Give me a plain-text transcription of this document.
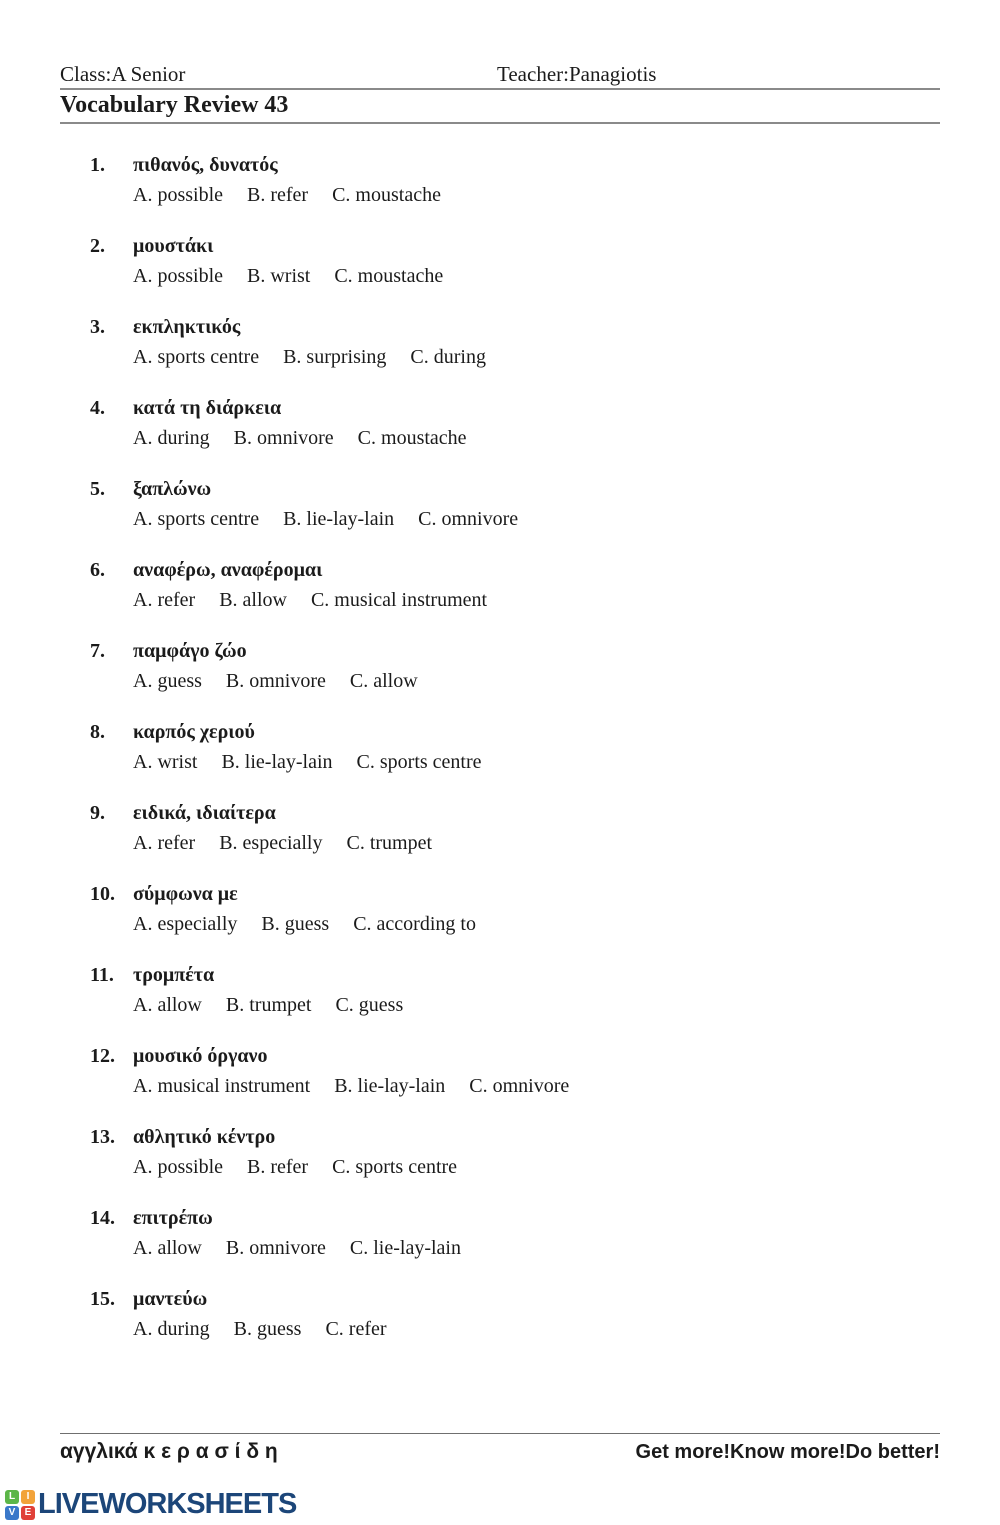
Class:A Senior	Teacher:Panagiotis
Vocabulary Review 43
1. πιθανός, δυνατός
A. possible B. refer C. moustache
2. μουστάκι
A. possible B. wrist C. moustache
3. εκπληκτικός
A. sports centre B. surprising C. during
4. κατά τη διάρκεια
A. during B. omnivore C. moustache
5. ξαπλώνω
A. sports centre B. lie-lay-lain C. omnivore
6. αναφέρω, αναφέρομαι
A. refer B. allow C. musical instrument
7. παμφάγο ζώο
A. guess B. omnivore C. allow
8. καρπός χεριού
A. wrist B. lie-lay-lain C. sports centre
9. ειδικά, ιδιαίτερα
A. refer B. especially C. trumpet
10. σύμφωνα με
A. especially B. guess C. according to
11. τρομπέτα
A. allow B. trumpet C. guess
12. μουσικό όργανο
A. musical instrument B. lie-lay-lain C. omnivore
13. αθλητικό κέντρο
A. possible B. refer C. sports centre
14. επιτρέπω
A. allow B. omnivore C. lie-lay-lain
15. μαντεύω
A. during B. guess C. refer
αγγλικά κ ε ρ α σ ί δ η	Get more!Know more!Do better!
L	I
V E LIVEWORKSHEETS
